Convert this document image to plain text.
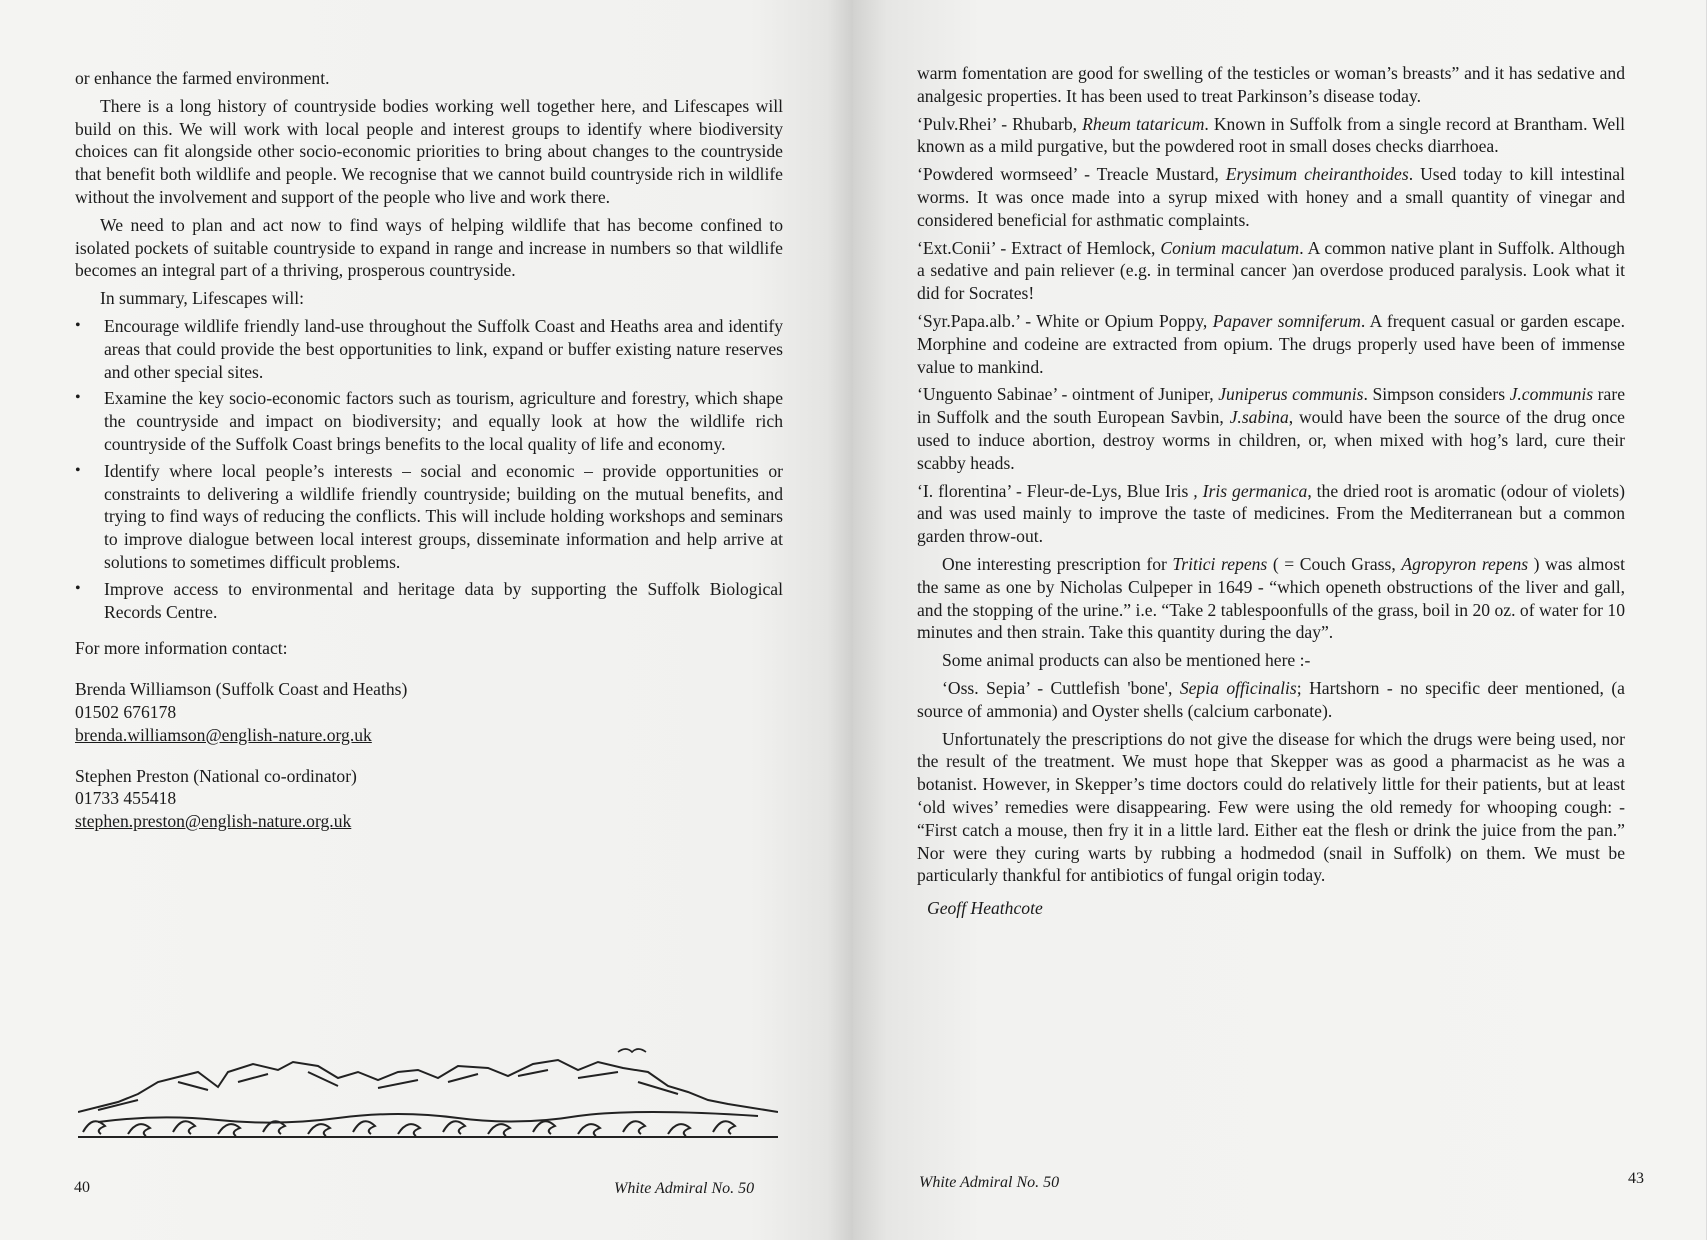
or enhance the farmed environment.

There is a long history of countryside bodies working well together here, and Lifescapes will build on this. We will work with local people and interest groups to identify where biodiversity choices can fit alongside other socio-economic priorities to bring about changes to the countryside that benefit both wildlife and people. We recognise that we cannot build countryside rich in wildlife without the involvement and support of the people who live and work there.

We need to plan and act now to find ways of helping wildlife that has become confined to isolated pockets of suitable countryside to expand in range and increase in numbers so that wildlife becomes an integral part of a thriving, prosperous countryside.

In summary, Lifescapes will:

• Encourage wildlife friendly land-use throughout the Suffolk Coast and Heaths area and identify areas that could provide the best opportunities to link, expand or buffer existing nature reserves and other special sites.
• Examine the key socio-economic factors such as tourism, agriculture and forestry, which shape the countryside and impact on biodiversity; and equally look at how the wildlife rich countryside of the Suffolk Coast brings benefits to the local quality of life and economy.
• Identify where local people’s interests – social and economic – provide opportunities or constraints to delivering a wildlife friendly countryside; building on the mutual benefits, and trying to find ways of reducing the conflicts. This will include holding workshops and seminars to improve dialogue between local interest groups, disseminate information and help arrive at solutions to sometimes difficult problems.
• Improve access to environmental and heritage data by supporting the Suffolk Biological Records Centre.
For more information contact:
Brenda Williamson (Suffolk Coast and Heaths)
01502 676178
brenda.williamson@english-nature.org.uk
Stephen Preston (National co-ordinator)
01733 455418
stephen.preston@english-nature.org.uk
40	White Admiral No. 50

warm fomentation are good for swelling of the testicles or woman’s breasts” and it has sedative and analgesic properties. It has been used to treat Parkinson’s disease today.

‘Pulv.Rhei’ - Rhubarb, Rheum tataricum. Known in Suffolk from a single record at Brantham. Well known as a mild purgative, but the powdered root in small doses checks diarrhoea.

‘Powdered wormseed’ - Treacle Mustard, Erysimum cheiranthoides. Used today to kill intestinal worms. It was once made into a syrup mixed with honey and a small quantity of vinegar and considered beneficial for asthmatic complaints.

‘Ext.Conii’ - Extract of Hemlock, Conium maculatum. A common native plant in Suffolk. Although a sedative and pain reliever (e.g. in terminal cancer )an overdose produced paralysis. Look what it did for Socrates!

‘Syr.Papa.alb.’ - White or Opium Poppy, Papaver somniferum. A frequent casual or garden escape. Morphine and codeine are extracted from opium. The drugs properly used have been of immense value to mankind.

‘Unguento Sabinae’ - ointment of Juniper, Juniperus communis. Simpson considers J.communis rare in Suffolk and the south European Savbin, J.sabina, would have been the source of the drug once used to induce abortion, destroy worms in children, or, when mixed with hog’s lard, cure their scabby heads.

‘I. florentina’ - Fleur-de-Lys, Blue Iris , Iris germanica, the dried root is aromatic (odour of violets) and was used mainly to improve the taste of medicines. From the Mediterranean but a common garden throw-out.

One interesting prescription for Tritici repens ( = Couch Grass, Agropyron repens ) was almost the same as one by Nicholas Culpeper in 1649 - “which openeth obstructions of the liver and gall, and the stopping of the urine.” i.e. “Take 2 tablespoonfulls of the grass, boil in 20 oz. of water for 10 minutes and then strain. Take this quantity during the day”.

Some animal products can also be mentioned here :-

‘Oss. Sepia’ - Cuttlefish 'bone', Sepia officinalis; Hartshorn - no specific deer mentioned, (a source of ammonia) and Oyster shells (calcium carbonate).

Unfortunately the prescriptions do not give the disease for which the drugs were being used, nor the result of the treatment. We must hope that Skepper was as good a pharmacist as he was a botanist. However, in Skepper’s time doctors could do relatively little for their patients, but at least ‘old wives’ remedies were disappearing. Few were using the old remedy for whooping cough: - “First catch a mouse, then fry it in a little lard. Either eat the flesh or drink the juice from the pan.” Nor were they curing warts by rubbing a hodmedod (snail in Suffolk) on them. We must be particularly thankful for antibiotics of fungal origin today.

Geoff Heathcote
White Admiral No. 50	43
